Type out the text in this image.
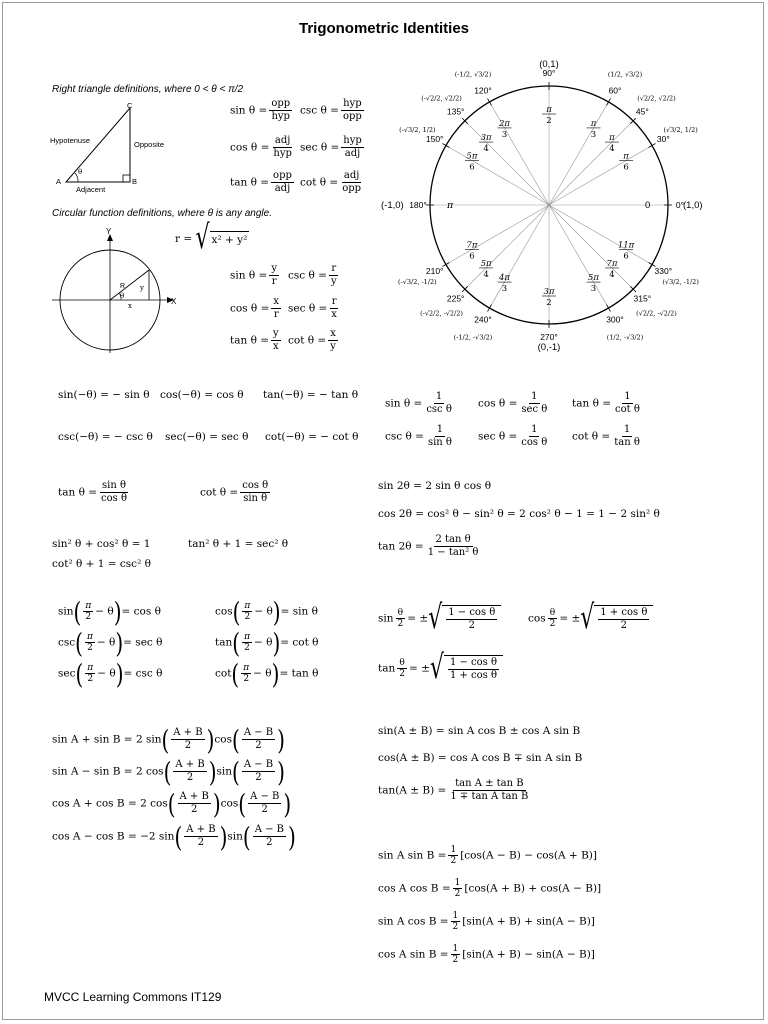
Trigonometric Identities
Right triangle definitions, where 0 < θ < π/2
Hypotenuse	Opposite
Adjacent
A	B
C
θ
$\sin \theta = \frac{\text{opp}}{\text{hyp}}$ $\csc \theta = \frac{\text{hyp}}{\text{opp}}$
$\cos \theta = \frac{\text{adj}}{\text{hyp}}$ $\sec \theta = \frac{\text{hyp}}{\text{adj}}$
$\tan \theta = \frac{\text{opp}}{\text{adj}}$ $\cot \theta = \frac{\text{adj}}{\text{opp}}$
Circular function definitions, where θ is any angle.
r = √ x² + y²
Y
X
R
x
y
θ
$\sin \theta = \frac{y}{r}$ $\csc \theta = \frac{r}{y}$
$\cos \theta = \frac{x}{r}$ $\sec \theta = \frac{r}{x}$
$\tan \theta = \frac{y}{x}$ $\cot \theta = \frac{x}{y}$
(0,1)
(0,-1)
(-1,0)	(1,0)
0
π
90°
60°
45°
30°
0°
330°
315°
300°
270°
240°
225°
210°
180°
150°
135°
120°
π
2	π
3 π
4
π
6
11π
6
7π
4
5π
3
3π
2
4π
3
5π
4
7π
6
5π
6
3π
4
2π
3
(1/2, √3/2)
(√2/2, √2/2)
(√3/2, 1/2)
(√3/2, -1/2)
(√2/2, -√2/2)
(1/2, -√3/2)
(-1/2, -√3/2)
(-√2/2, -√2/2)
(-√3/2, -1/2)
(-√3/2, 1/2)
(-√2/2, √2/2)
(-1/2, √3/2)
sin(−θ) = − sin θ cos(−θ) = cos θ tan(−θ) = − tan θ
csc(−θ) = − csc θ sec(−θ) = sec θ cot(−θ) = − cot θ
$\sin \theta = \frac{1}{\text{csc θ}}$ $\cos \theta = \frac{1}{\text{sec θ}}$ $\tan \theta = \frac{1}{\text{cot θ}}$
$\csc \theta = \frac{1}{\text{sin θ}}$ $\sec \theta = \frac{1}{\text{cos θ}}$ $\cot \theta = \frac{1}{\text{tan θ}}$
$\tan \theta = \frac{\text{sin θ}}{\text{cos θ}}$	$\cot \theta = \frac{\text{cos θ}}{\text{sin θ}}$	sin 2θ = 2 sin θ cos θ
cos 2θ = cos² θ − sin² θ = 2 cos² θ − 1 = 1 − 2 sin² θ
$\tan 2\theta = \frac{\text{2 tan θ}}{\text{1 − tan² θ}}$
sin² θ + cos² θ = 1	tan² θ + 1 = sec² θ
cot² θ + 1 = csc² θ
$\sin( \frac{\pi}{2} - \theta)= \cos \theta$	$\cos( \frac{\pi}{2} - \theta)= \sin \theta$
$\csc( \frac{\pi}{2} - \theta)= \sec \theta$	$\tan( \frac{\pi}{2} - \theta)= \cot \theta$
$\sec( \frac{\pi}{2} - \theta)= \csc \theta$	$\cot( \frac{\pi}{2} - \theta)= \tan \theta$
$\sin \frac{\theta}{2}$ = ± √ $\frac{\text{1 − cos θ}}{2}$	$\cos \frac{\theta}{2}$ = ± √ $\frac{\text{1 + cos θ}}{2}$
$\tan \frac{\theta}{2}$ = ± √ $\frac{\text{1 − cos θ}}{\text{1 + cos θ}}$
sin A + sin B = 2 $\sin( \frac{A + B}{2} )\cos( \frac{A - B}{2}$ )
sin A − sin B = 2 $\cos( \frac{A + B}{2} )\sin( \frac{A - B}{2}$ )
cos A + cos B = 2 $\cos( \frac{A + B}{2} )\cos( \frac{A - B}{2}$ )
cos A − cos B = −2 $\sin( \frac{A + B}{2} )\sin( \frac{A - B}{2}$ )
sin(A ± B) = sin A cos B ± cos A sin B
cos(A ± B) = cos A cos B ∓ sin A sin B
$\tan(A \pm B) = \frac{\text{tan A ± tan B}}{\text{1 ∓ tan A tan B}}$
sin A $\sin B = \frac{1}{2} [\cos(A - B) - \cos(A + B)]$
cos A $\cos B = \frac{1}{2} [\cos(A + B) + \cos(A - B)]$
sin A $\cos B = \frac{1}{2} [\sin(A + B) + \sin(A - B)]$
cos A $\sin B = \frac{1}{2} [\sin(A + B) - \sin(A - B)]$
MVCC Learning Commons IT129
